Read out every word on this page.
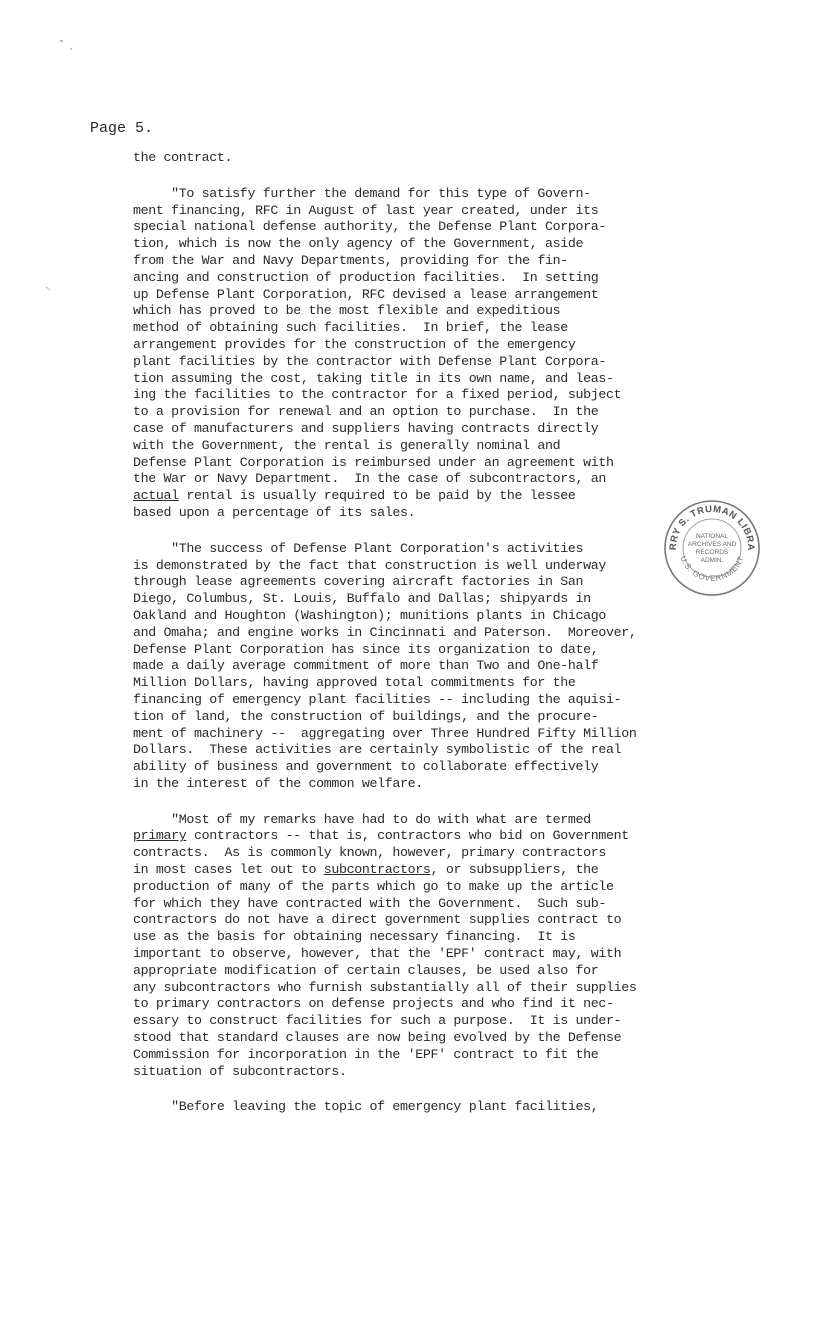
Page 5.
the contract.
"To satisfy further the demand for this type of Govern-
ment financing, RFC in August of last year created, under its
special national defense authority, the Defense Plant Corpora-
tion, which is now the only agency of the Government, aside
from the War and Navy Departments, providing for the fin-
ancing and construction of production facilities.  In setting
up Defense Plant Corporation, RFC devised a lease arrangement
which has proved to be the most flexible and expeditious
method of obtaining such facilities.  In brief, the lease
arrangement provides for the construction of the emergency
plant facilities by the contractor with Defense Plant Corpora-
tion assuming the cost, taking title in its own name, and leas-
ing the facilities to the contractor for a fixed period, subject
to a provision for renewal and an option to purchase.  In the
case of manufacturers and suppliers having contracts directly
with the Government, the rental is generally nominal and
Defense Plant Corporation is reimbursed under an agreement with
the War or Navy Department.  In the case of subcontractors, an
actual rental is usually required to be paid by the lessee
based upon a percentage of its sales.
"The success of Defense Plant Corporation's activities
is demonstrated by the fact that construction is well underway
through lease agreements covering aircraft factories in San
Diego, Columbus, St. Louis, Buffalo and Dallas; shipyards in
Oakland and Houghton (Washington); munitions plants in Chicago
and Omaha; and engine works in Cincinnati and Paterson.  Moreover,
Defense Plant Corporation has since its organization to date,
made a daily average commitment of more than Two and One-half
Million Dollars, having approved total commitments for the
financing of emergency plant facilities -- including the aquisi-
tion of land, the construction of buildings, and the procure-
ment of machinery --  aggregating over Three Hundred Fifty Million
Dollars.  These activities are certainly symbolistic of the real
ability of business and government to collaborate effectively
in the interest of the common welfare.
"Most of my remarks have had to do with what are termed
primary contractors -- that is, contractors who bid on Government
contracts.  As is commonly known, however, primary contractors
in most cases let out to subcontractors, or subsuppliers, the
production of many of the parts which go to make up the article
for which they have contracted with the Government.  Such sub-
contractors do not have a direct government supplies contract to
use as the basis for obtaining necessary financing.  It is
important to observe, however, that the 'EPF' contract may, with
appropriate modification of certain clauses, be used also for
any subcontractors who furnish substantially all of their supplies
to primary contractors on defense projects and who find it nec-
essary to construct facilities for such a purpose.  It is under-
stood that standard clauses are now being evolved by the Defense
Commission for incorporation in the 'EPF' contract to fit the
situation of subcontractors.
"Before leaving the topic of emergency plant facilities,
RRY S. TRUMAN LIBRA
U.S. GOVERNMENT
NATIONAL
ARCHIVES AND
RECORDS
ADMIN.
